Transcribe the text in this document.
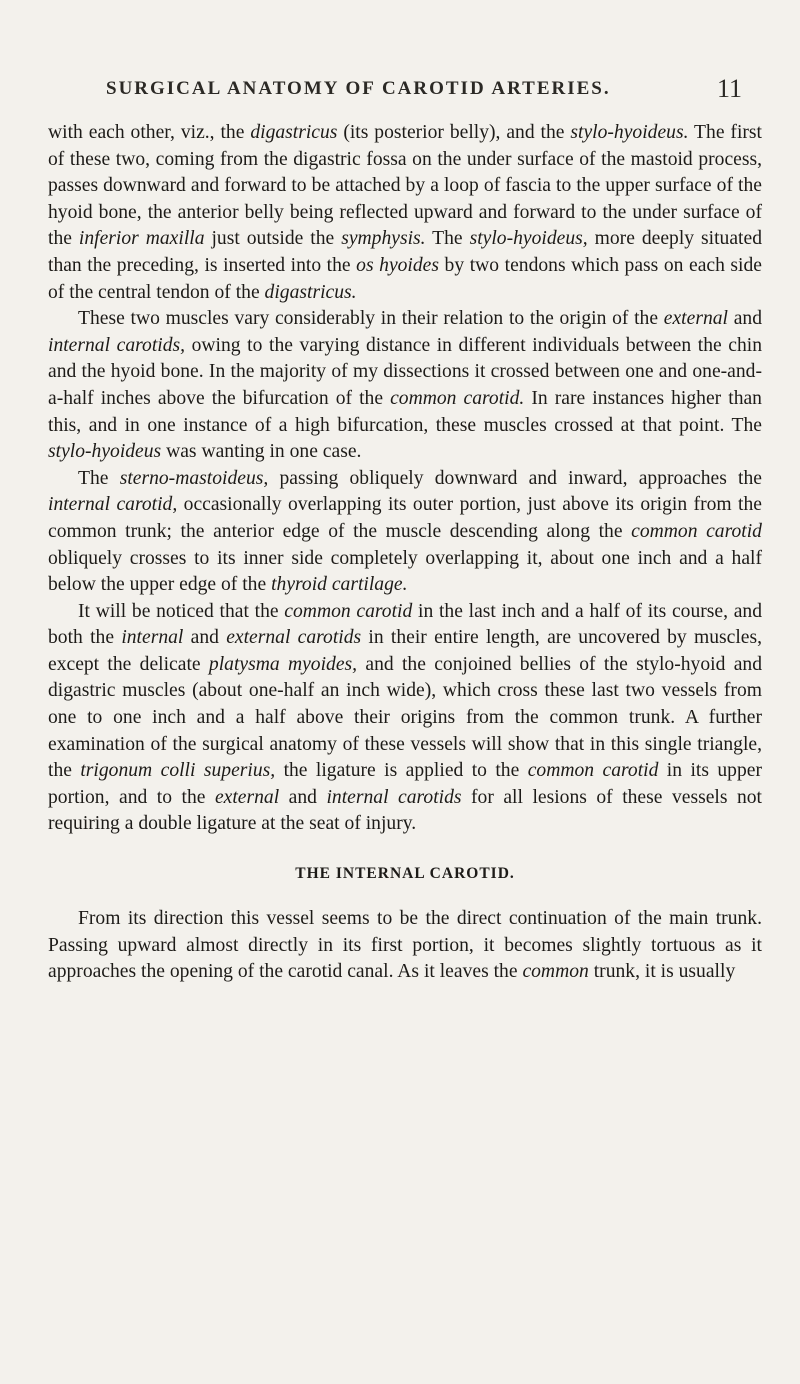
SURGICAL ANATOMY OF CAROTID ARTERIES.	11

with each other, viz., the digastricus (its posterior belly), and the stylo-hyoideus. The first of these two, coming from the digastric fossa on the under surface of the mastoid process, passes downward and forward to be attached by a loop of fascia to the upper surface of the hyoid bone, the anterior belly being reflected upward and forward to the under surface of the inferior maxilla just outside the symphysis. The stylo-hyoideus, more deeply situated than the preceding, is inserted into the os hyoides by two tendons which pass on each side of the central tendon of the digastricus.

These two muscles vary considerably in their relation to the origin of the external and internal carotids, owing to the varying distance in different individuals between the chin and the hyoid bone. In the majority of my dissections it crossed between one and one-and-a-half inches above the bifurcation of the common carotid. In rare instances higher than this, and in one instance of a high bifurcation, these muscles crossed at that point. The stylo-hyoideus was wanting in one case.

The sterno-mastoideus, passing obliquely downward and inward, approaches the internal carotid, occasionally overlapping its outer portion, just above its origin from the common trunk; the anterior edge of the muscle descending along the common carotid obliquely crosses to its inner side completely overlapping it, about one inch and a half below the upper edge of the thyroid cartilage.

It will be noticed that the common carotid in the last inch and a half of its course, and both the internal and external carotids in their entire length, are uncovered by muscles, except the delicate platysma myoides, and the conjoined bellies of the stylo-hyoid and digastric muscles (about one-half an inch wide), which cross these last two vessels from one to one inch and a half above their origins from the common trunk. A further examination of the surgical anatomy of these vessels will show that in this single triangle, the trigonum colli superius, the ligature is applied to the common carotid in its upper portion, and to the external and internal carotids for all lesions of these vessels not requiring a double ligature at the seat of injury.

THE INTERNAL CAROTID.

From its direction this vessel seems to be the direct continuation of the main trunk. Passing upward almost directly in its first portion, it becomes slightly tortuous as it approaches the opening of the carotid canal. As it leaves the common trunk, it is usually
